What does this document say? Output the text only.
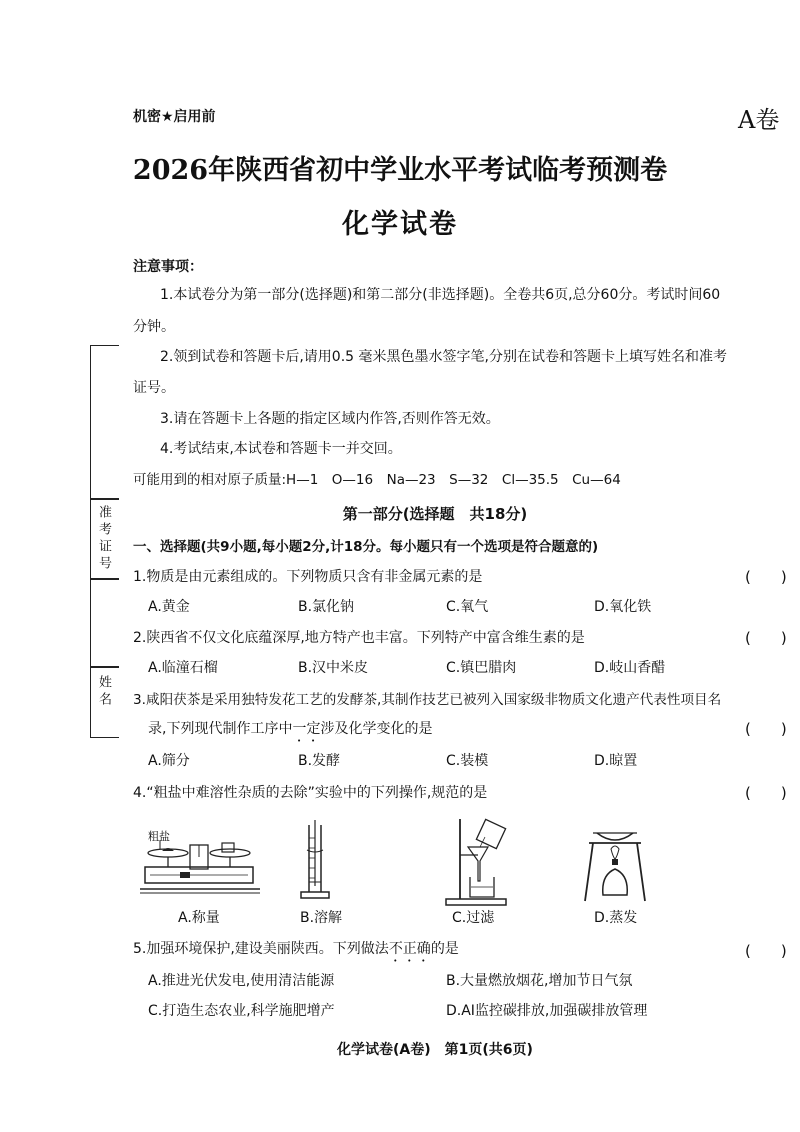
机密★启用前	A卷
2026年陕西省初中学业水平考试临考预测卷
化学试卷
注意事项：
1.本试卷分为第一部分(选择题)和第二部分(非选择题)。全卷共6页,总分60分。考试时间60
分钟。
2.领到试卷和答题卡后,请用0.5 毫米黑色墨水签字笔,分别在试卷和答题卡上填写姓名和准考
证号。
3.请在答题卡上各题的指定区域内作答,否则作答无效。
4.考试结束,本试卷和答题卡一并交回。
可能用到的相对原子质量:H—1　O—16　Na—23　S—32　Cl—35.5　Cu—64
准考证号
姓名
第一部分(选择题　共18分)
一、选择题(共9小题,每小题2分,计18分。每小题只有一个选项是符合题意的)
1.物质是由元素组成的。下列物质只含有非金属元素的是	(　　)
A.黄金	B.氯化钠	C.氧气	D.氧化铁
2.陕西省不仅文化底蕴深厚,地方特产也丰富。下列特产中富含维生素的是	(　　)
A.临潼石榴	B.汉中米皮	C.镇巴腊肉	D.岐山香醋
3.咸阳茯茶是采用独特发花工艺的发酵茶,其制作技艺已被列入国家级非物质文化遗产代表性项目名
录,下列现代制作工序中一定涉及化学变化的是	(　　)
A.筛分	B.发酵	C.装模	D.晾置
4.“粗盐中难溶性杂质的去除”实验中的下列操作,规范的是	(　　)
粗盐
A.称量	B.溶解	C.过滤	D.蒸发
5.加强环境保护,建设美丽陕西。下列做法不正确的是	(　　)
A.推进光伏发电,使用清洁能源	B.大量燃放烟花,增加节日气氛
C.打造生态农业,科学施肥增产	D.AI监控碳排放,加强碳排放管理
化学试卷(A卷)　第1页(共6页)
